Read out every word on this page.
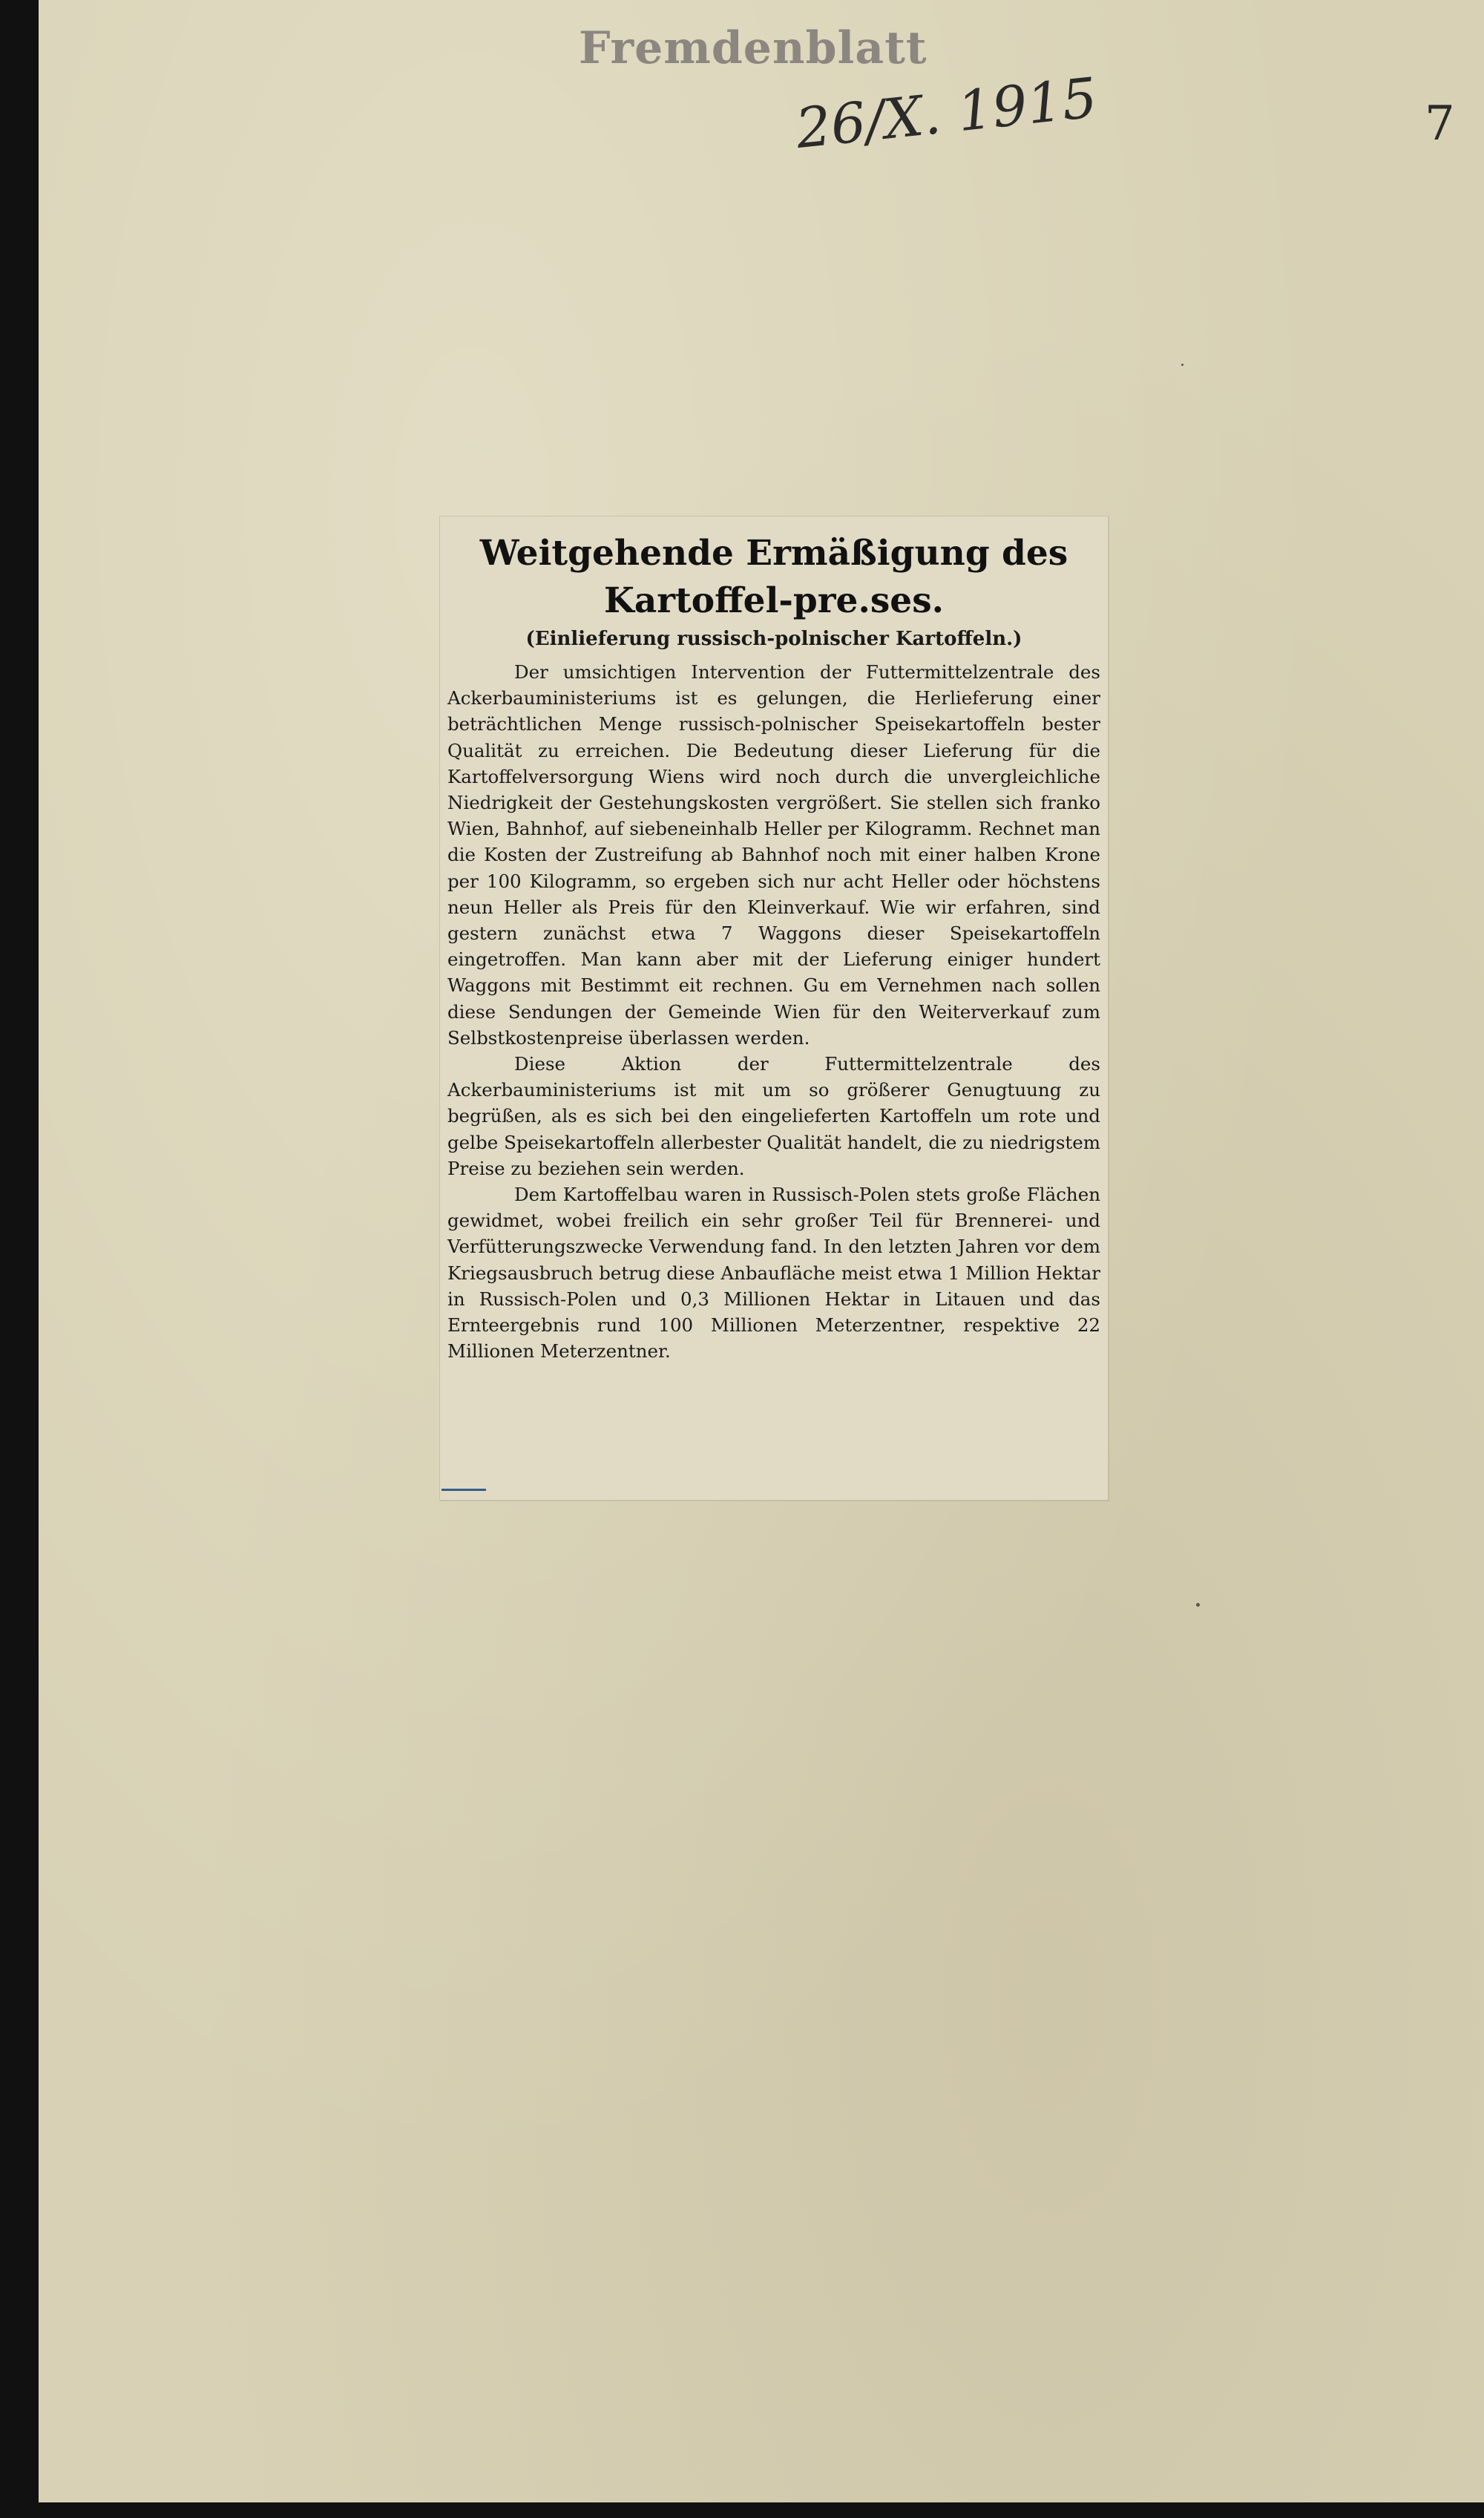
Fremdenblatt
26/X. 1915	7
Weitgehende Ermäßigung des Kartoffel-pre.ses.
(Einlieferung russisch-polnischer Kartoffeln.)

Der umsichtigen Intervention der Futtermittelzentrale des Ackerbauministeriums ist es gelungen, die Herlieferung einer beträchtlichen Menge russisch-polnischer Speisekartoffeln bester Qualität zu erreichen. Die Bedeutung dieser Lieferung für die Kartoffelversorgung Wiens wird noch durch die unvergleichliche Niedrigkeit der Gestehungskosten vergrößert. Sie stellen sich franko Wien, Bahnhof, auf siebeneinhalb Heller per Kilogramm. Rechnet man die Kosten der Zustreifung ab Bahnhof noch mit einer halben Krone per 100 Kilogramm, so ergeben sich nur acht Heller oder höchstens neun Heller als Preis für den Kleinverkauf. Wie wir erfahren, sind gestern zunächst etwa 7 Waggons dieser Speisekartoffeln eingetroffen. Man kann aber mit der Lieferung einiger hundert Waggons mit Bestimmt eit rechnen. Gu em Vernehmen nach sollen diese Sendungen der Gemeinde Wien für den Weiterverkauf zum Selbstkostenpreise überlassen werden.

Diese Aktion der Futtermittelzentrale des Ackerbauministeriums ist mit um so größerer Genugtuung zu begrüßen, als es sich bei den eingelieferten Kartoffeln um rote und gelbe Speisekartoffeln allerbester Qualität handelt, die zu niedrigstem Preise zu beziehen sein werden.

Dem Kartoffelbau waren in Russisch-Polen stets große Flächen gewidmet, wobei freilich ein sehr großer Teil für Brennerei- und Verfütterungszwecke Verwendung fand. In den letzten Jahren vor dem Kriegsausbruch betrug diese Anbaufläche meist etwa 1 Million Hektar in Russisch-Polen und 0,3 Millionen Hektar in Litauen und das Ernteergebnis rund 100 Millionen Meterzentner, respektive 22 Millionen Meterzentner.
